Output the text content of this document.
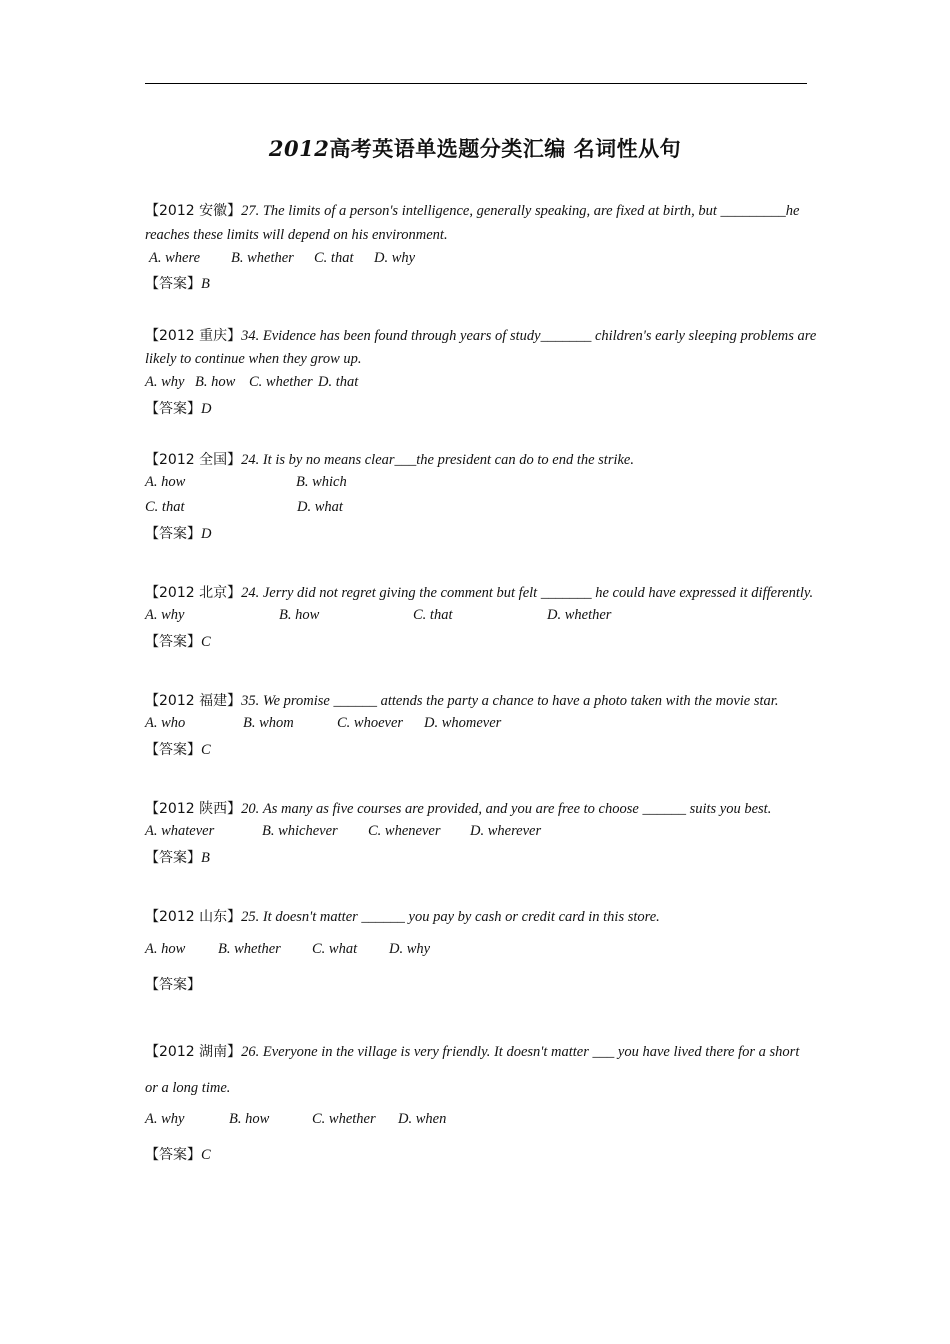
2012高考英语单选题分类汇编 名词性从句
【2012 安徽】27. The limits of a person's intelligence, generally speaking, are fixed at birth, but _________he
reaches these limits will depend on his environment.
A. where B. whether C. that D. why
【答案】B
【2012 重庆】34. Evidence has been found through years of study_______ children's early sleeping problems are
likely to continue when they grow up.
A. why B. how C. whether D. that
【答案】D
【2012 全国】24. It is by no means clear___the president can do to end the strike.
A. how	B. which
C. that	D. what
【答案】D
【2012 北京】24. Jerry did not regret giving the comment but felt _______ he could have expressed it differently.
A. why	B. how	C. that	D. whether
【答案】C
【2012 福建】35. We promise ______ attends the party a chance to have a photo taken with the movie star.
A. who	B. whom	C. whoever D. whomever
【答案】C
【2012 陕西】20. As many as five courses are provided, and you are free to choose ______ suits you best.
A. whatever	B. whichever C. whenever D. wherever
【答案】B
【2012 山东】25. It doesn't matter ______ you pay by cash or credit card in this store.
A. how B. whether C. what D. why
【答案】
【2012 湖南】26. Everyone in the village is very friendly. It doesn't matter ___ you have lived there for a short
or a long time.
A. why	B. how	C. whether D. when
【答案】C
